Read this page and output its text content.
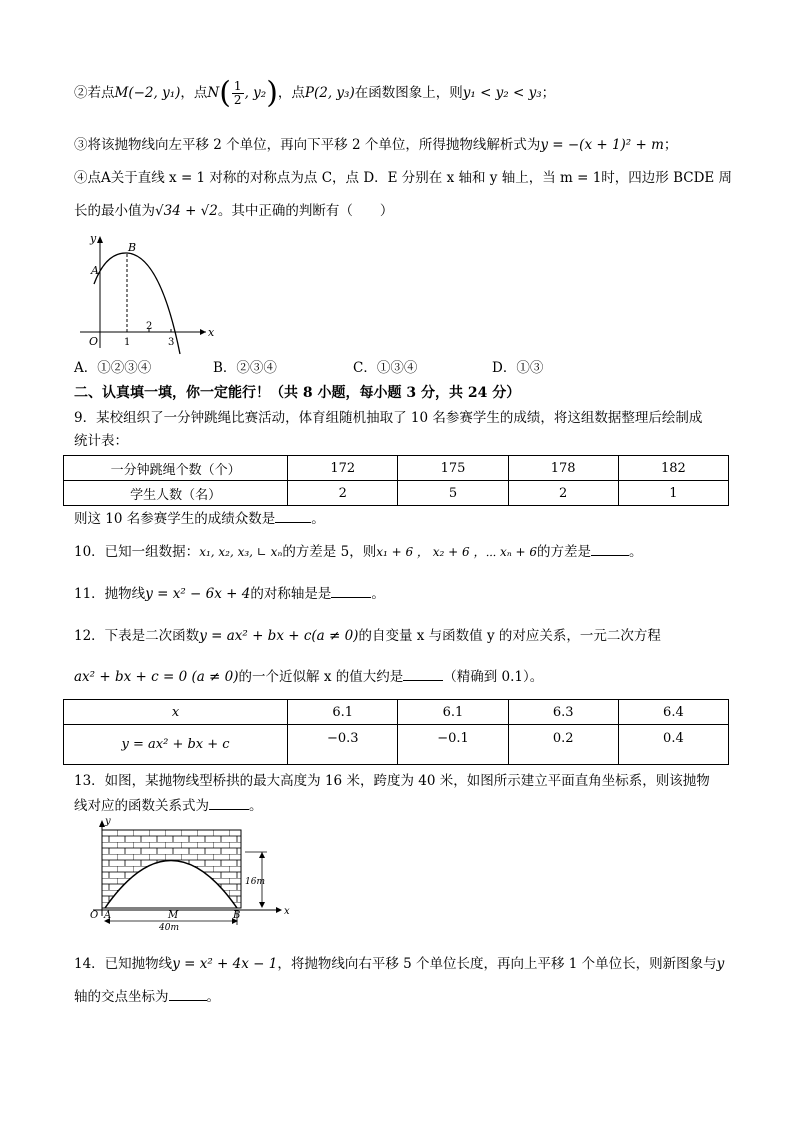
②若点M(−2, y₁)，点$N( \frac{1}{2}$ , y₂)，点P(2, y₃)在函数图象上，则y₁ < y₂ < y₃；
③将该抛物线向左平移 2 个单位，再向下平移 2 个单位，所得抛物线解析式为y = −(x + 1)² + m；
④点A关于直线 x = 1 对称的对称点为点 C，点 D．E 分别在 x 轴和 y 轴上，当 m = 1时，四边形 BCDE 周
长的最小值为√34 + √2。其中正确的判断有（　　）
y
x
O
A
B
1
2
3
A．①②③④	B．②③④	C．①③④	D．①③
二、认真填一填，你一定能行！（共 8 小题，每小题 3 分，共 24 分）
9．某校组织了一分钟跳绳比赛活动，体育组随机抽取了 10 名参赛学生的成绩，将这组数据整理后绘制成
统计表：
一分钟跳绳个数（个）	172	175	178	182
学生人数（名）	2	5	2	1
则这 10 名参赛学生的成绩众数是	。
10．已知一组数据：x₁, x₂, x₃, ∟ xₙ的方差是 5，则x₁ + 6 ， x₂ + 6 ，⋯ xₙ + 6的方差是	。
11．抛物线y = x² − 6x + 4的对称轴是是	。
12．下表是二次函数y = ax² + bx + c(a ≠ 0)的自变量 x 与函数值 y 的对应关系，一元二次方程
ax² + bx + c = 0 (a ≠ 0)的一个近似解 x 的值大约是	（精确到 0.1）。
x	6.1	6.1	6.3	6.4
y = ax² + bx + c	−0.3	−0.1	0.2	0.4
13．如图，某抛物线型桥拱的最大高度为 16 米，跨度为 40 米，如图所示建立平面直角坐标系，则该抛物
线对应的函数关系式为	。
y
x
O A	M	B
16m
40m
14．已知抛物线y = x² + 4x − 1，将抛物线向右平移 5 个单位长度，再向上平移 1 个单位长，则新图象与y
轴的交点坐标为	。
